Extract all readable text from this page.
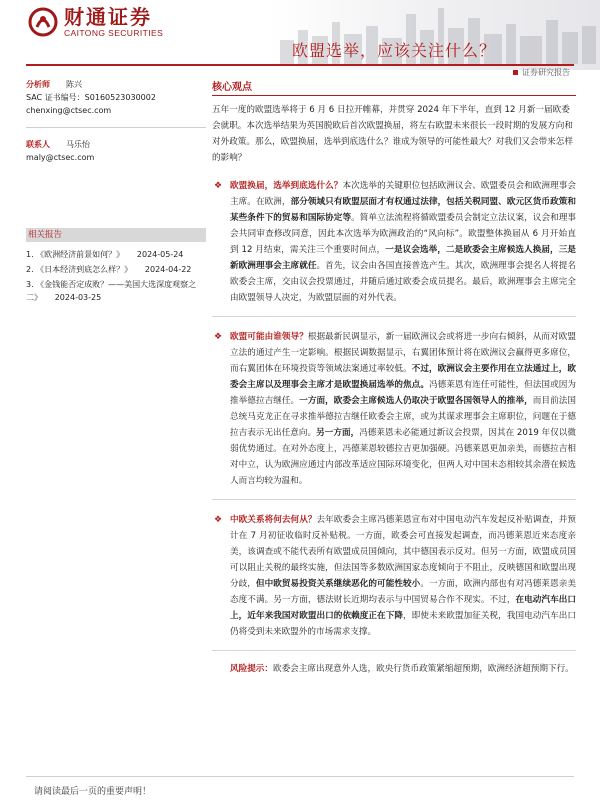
财通证券
CAITONG SECURITIES
欧盟选举，应该关注什么？
证券研究报告
分析师 陈兴
SAC 证书编号：S0160523030002
chenxing@ctsec.com
联系人 马乐怡
maly@ctsec.com
相关报告
1. 《欧洲经济前景如何？》 2024-05-24
2. 《日本经济到底怎么样？》 2024-04-22
3. 《金钱能否定成败？——美国大选深度观察之二》 2024-03-25
核心观点

五年一度的欧盟选举将于 6 月 6 日拉开帷幕，并贯穿 2024 年下半年，直到 12 月新一届欧委会就职。本次选举结果为英国脱欧后首次欧盟换届，将左右欧盟未来很长一段时期的发展方向和对外政策。那么，欧盟换届，选举到底选什么？谁成为领导的可能性最大？对我们又会带来怎样的影响？

❖ 欧盟换届，选举到底选什么？本次选举的关键职位包括欧洲议会、欧盟委员会和欧洲理事会主席。在欧洲，部分领域只有欧盟层面才有权通过法律，包括关税同盟、欧元区货币政策和某些条件下的贸易和国际协定等。简单立法流程将循欧盟委员会制定立法议案，议会和理事会共同审查修改同意，因此本次选举为欧洲政治的“风向标”。欧盟整体换届从 6 月开始直到 12 月结束，需关注三个重要时间点，一是议会选举，二是欧委会主席候选人换届，三是新欧洲理事会主席就任。首先，议会由各国直接普选产生。其次，欧洲理事会提名人将提名欧委会主席，交由议会投票通过，并随后通过欧委会成员提名。最后，欧洲理事会主席完全由欧盟领导人决定，为欧盟层面的对外代表。
❖ 欧盟可能由谁领导？根据最新民调显示，新一届欧洲议会或将进一步向右倾斜，从而对欧盟立法的通过产生一定影响。根据民调数据显示，右翼团体预计将在欧洲议会赢得更多席位，而右翼团体在环境投资等领域法案通过率较低。不过，欧洲议会主要作用在立法通过上，欧委会主席以及理事会主席才是欧盟换届选举的焦点。冯德莱恩有连任可能性，但法国或因为推举德拉吉继任。一方面，欧委会主席候选人仍取决于欧盟各国领导人的推举，而目前法国总统马克龙正在寻求推举德拉吉继任欧委会主席，或为其谋求理事会主席职位，问题在于德拉吉表示无出任意向。另一方面，冯德莱恩未必能通过新议会投票，因其在 2019 年仅以微弱优势通过。在对外态度上，冯德莱恩较德拉吉更加强硬。冯德莱恩更加亲美，而德拉吉相对中立，认为欧洲应通过内部改革适应国际环境变化，但两人对中国未态相较其余潜在候选人而言均较为温和。
❖ 中欧关系将何去何从？去年欧委会主席冯德莱恩宣布对中国电动汽车发起反补贴调查，并预计在 7 月初征收临时反补贴税。一方面，欧委会可直接发起调查，而冯德莱恩近来态度亲美，该调查或不能代表所有欧盟成员国倾向，其中德国表示反对。但另一方面，欧盟成员国可以阻止关税的最终实施，但法国等多数欧洲国家态度倾向于不阻止，反映德国和欧盟出现分歧，但中欧贸易投资关系继续恶化的可能性较小。一方面，欧洲内部也有对冯德莱恩亲美态度不满。另一方面，德法财长近期均表示与中国贸易合作不现实。不过，在电动汽车出口上，近年来我国对欧盟出口的依赖度正在下降，即使未来欧盟加征关税，我国电动汽车出口仍将受到未来欧盟外的市场需求支撑。
风险提示：欧委会主席出现意外人选，欧央行货币政策紧缩超预期，欧洲经济超预期下行。
请阅读最后一页的重要声明！
